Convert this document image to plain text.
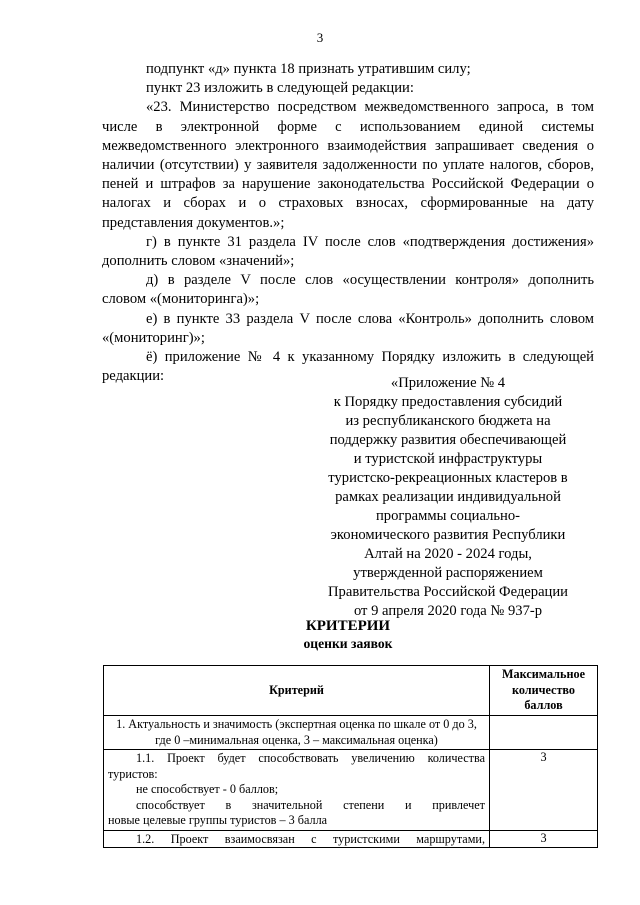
3

подпункт «д» пункта 18 признать утратившим силу;

пункт 23 изложить в следующей редакции:

«23. Министерство посредством межведомственного запроса, в том числе в электронной форме с использованием единой системы межведомственного электронного взаимодействия запрашивает сведения о наличии (отсутствии) у заявителя задолженности по уплате налогов, сборов, пеней и штрафов за нарушение законодательства Российской Федерации о налогах и сборах и о страховых взносах, сформированные на дату представления документов.»;

г) в пункте 31 раздела IV после слов «подтверждения достижения» дополнить словом «значений»;

д) в разделе V после слов «осуществлении контроля» дополнить словом «(мониторинга)»;

е) в пункте 33 раздела V после слова «Контроль» дополнить словом «(мониторинг)»;

ё) приложение № 4 к указанному Порядку изложить в следующей редакции:	«Приложение № 4
к Порядку предоставления субсидий
из республиканского бюджета на
поддержку развития обеспечивающей
и туристской инфраструктуры
туристско-рекреационных кластеров в
рамках реализации индивидуальной
программы социально-
экономического развития Республики
Алтай на 2020 - 2024 годы,
утвержденной распоряжением
Правительства Российской Федерации
от 9 апреля 2020 года № 937-р
КРИТЕРИИ
оценки заявок
Критерий	Максимальное
количество
баллов

1. Актуальность и значимость (экспертная оценка по шкале от 0 до 3,
где 0 –минимальная оценка, 3 – максимальная оценка)	

1.1. Проект будет способствовать увеличению количества
туристов:
не способствует - 0 баллов;
способствует в значительной степени и привлечет
новые целевые группы туристов – 3 балла	3

1.2. Проект взаимосвязан с туристскими маршрутами,	3
